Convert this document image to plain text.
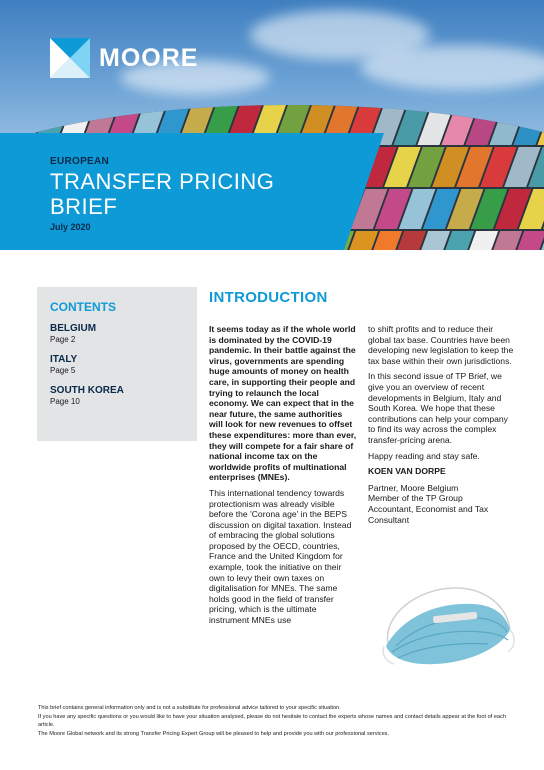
MOORE
EUROPEAN
TRANSFER PRICING
BRIEF
July 2020
CONTENTS
BELGIUM
Page 2
ITALY
Page 5
SOUTH KOREA
Page 10
INTRODUCTION

It seems today as if the whole world is dominated by the COVID-19 pandemic. In their battle against the virus, governments are spending huge amounts of money on health care, in supporting their people and trying to relaunch the local economy. We can expect that in the near future, the same authorities will look for new revenues to offset these expenditures: more than ever, they will compete for a fair share of national income tax on the worldwide profits of multinational enterprises (MNEs).

This international tendency towards protectionism was already visible before the 'Corona age' in the BEPS discussion on digital taxation. Instead of embracing the global solutions proposed by the OECD, countries, France and the United Kingdom for example, took the initiative on their own to levy their own taxes on digitalisation for MNEs. The same holds good in the field of transfer pricing, which is the ultimate instrument MNEs use

to shift profits and to reduce their global tax base. Countries have been developing new legislation to keep the tax base within their own jurisdictions.

In this second issue of TP Brief, we give you an overview of recent developments in Belgium, Italy and South Korea. We hope that these contributions can help your company to find its way across the complex transfer-pricing arena.

Happy reading and stay safe.

KOEN VAN DORPE
Partner, Moore Belgium
Member of the TP Group
Accountant, Economist and Tax Consultant

This brief contains general information only and is not a substitute for professional advice tailored to your specific situation.

If you have any specific questions or you would like to have your situation analysed, please do not hesitate to contact the experts whose names and contact details appear at the foot of each article.

The Moore Global network and its strong Transfer Pricing Expert Group will be pleased to help and provide you with our professional services.
